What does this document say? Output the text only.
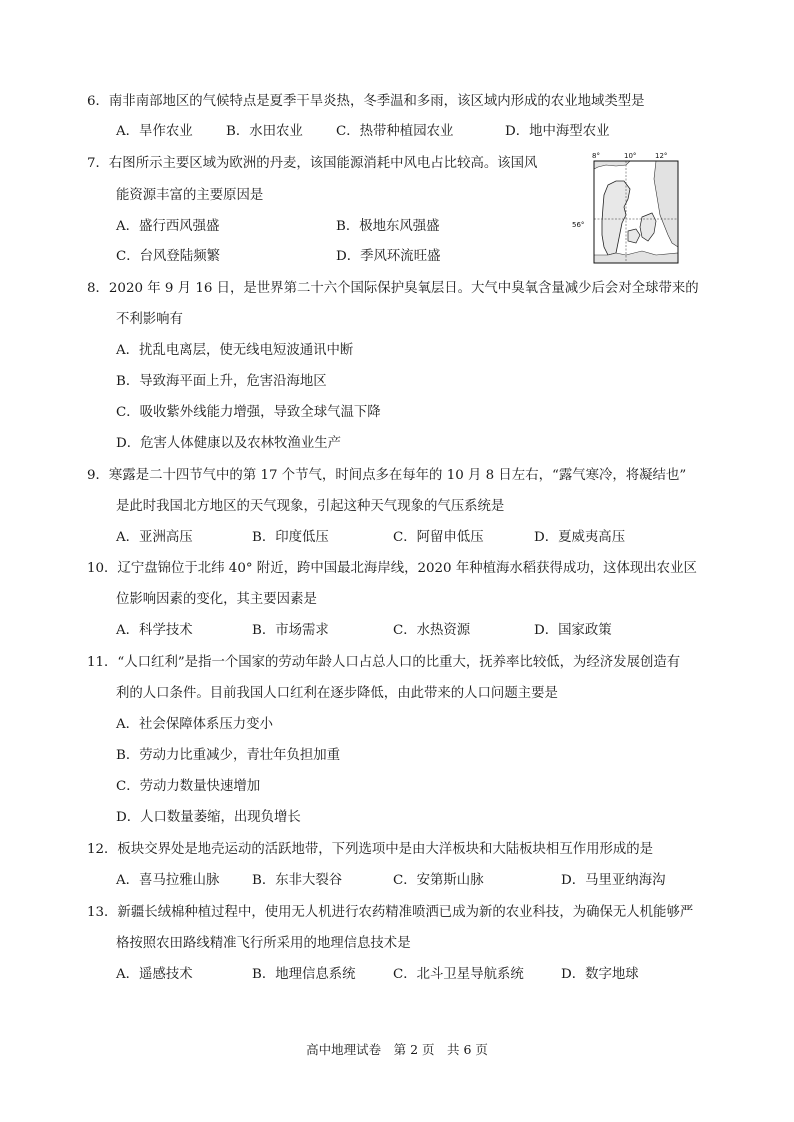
6．南非南部地区的气候特点是夏季干旱炎热，冬季温和多雨，该区域内形成的农业地域类型是
A．旱作农业 B．水田农业 C．热带种植园农业	D．地中海型农业
7．右图所示主要区域为欧洲的丹麦，该国能源消耗中风电占比较高。该国风
能资源丰富的主要原因是
A．盛行西风强盛	B．极地东风强盛
C．台风登陆频繁	D．季风环流旺盛
8°	10°	12°
56°
8．2020 年 9 月 16 日，是世界第二十六个国际保护臭氧层日。大气中臭氧含量减少后会对全球带来的
不利影响有
A．扰乱电离层，使无线电短波通讯中断
B．导致海平面上升，危害沿海地区
C．吸收紫外线能力增强，导致全球气温下降
D．危害人体健康以及农林牧渔业生产
9．寒露是二十四节气中的第 17 个节气，时间点多在每年的 10 月 8 日左右，“露气寒冷，将凝结也”
是此时我国北方地区的天气现象，引起这种天气现象的气压系统是
A．亚洲高压	B．印度低压	C．阿留申低压	D．夏威夷高压
10．辽宁盘锦位于北纬 40° 附近，跨中国最北海岸线，2020 年种植海水稻获得成功，这体现出农业区
位影响因素的变化，其主要因素是
A．科学技术	B．市场需求	C．水热资源	D．国家政策
11．“人口红利”是指一个国家的劳动年龄人口占总人口的比重大，抚养率比较低，为经济发展创造有
利的人口条件。目前我国人口红利在逐步降低，由此带来的人口问题主要是
A．社会保障体系压力变小
B．劳动力比重减少，青壮年负担加重
C．劳动力数量快速增加
D．人口数量萎缩，出现负增长
12．板块交界处是地壳运动的活跃地带，下列选项中是由大洋板块和大陆板块相互作用形成的是
A．喜马拉雅山脉 B．东非大裂谷	C．安第斯山脉	D．马里亚纳海沟
13．新疆长绒棉种植过程中，使用无人机进行农药精准喷洒已成为新的农业科技，为确保无人机能够严
格按照农田路线精准飞行所采用的地理信息技术是
A．遥感技术	B．地理信息系统	C．北斗卫星导航系统	D．数字地球
高中地理试卷　第 2 页　共 6 页
